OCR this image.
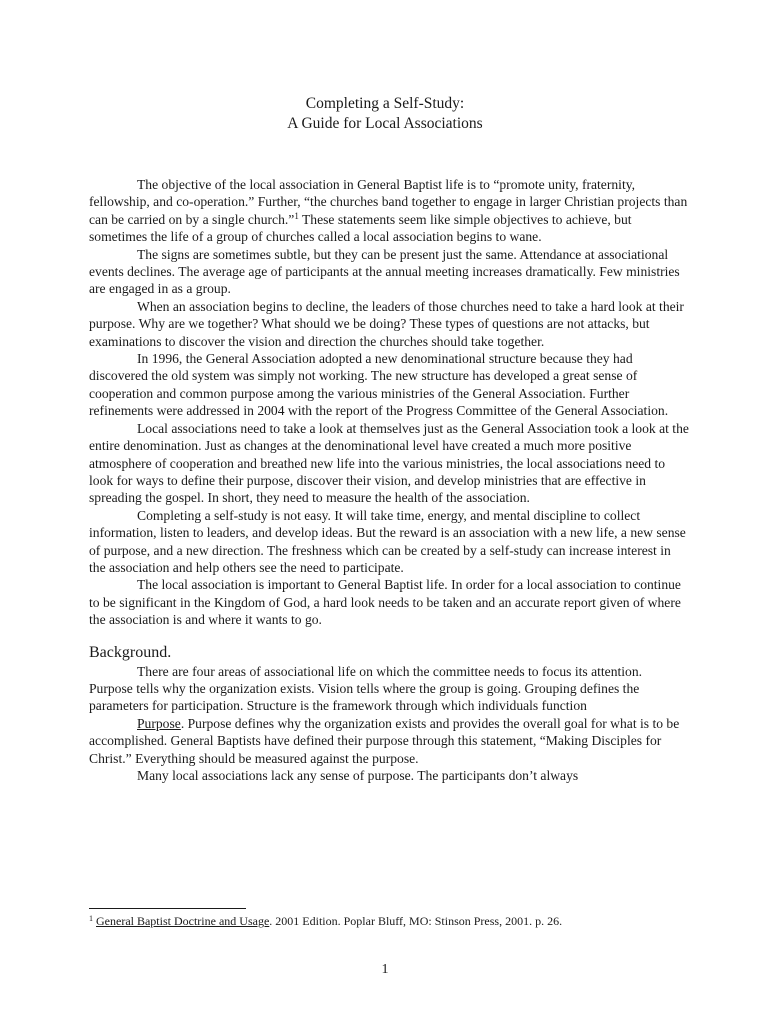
Completing a Self-Study:
A Guide for Local Associations

The objective of the local association in General Baptist life is to “promote unity, fraternity, fellowship, and co-operation.” Further, “the churches band together to engage in larger Christian projects than can be carried on by a single church.”$^1$ These statements seem like simple objectives to achieve, but sometimes the life of a group of churches called a local association begins to wane.

The signs are sometimes subtle, but they can be present just the same. Attendance at associational events declines. The average age of participants at the annual meeting increases dramatically. Few ministries are engaged in as a group.

When an association begins to decline, the leaders of those churches need to take a hard look at their purpose. Why are we together? What should we be doing? These types of questions are not attacks, but examinations to discover the vision and direction the churches should take together.

In 1996, the General Association adopted a new denominational structure because they had discovered the old system was simply not working. The new structure has developed a great sense of cooperation and common purpose among the various ministries of the General Association. Further refinements were addressed in 2004 with the report of the Progress Committee of the General Association.

Local associations need to take a look at themselves just as the General Association took a look at the entire denomination. Just as changes at the denominational level have created a much more positive atmosphere of cooperation and breathed new life into the various ministries, the local associations need to look for ways to define their purpose, discover their vision, and develop ministries that are effective in spreading the gospel. In short, they need to measure the health of the association.

Completing a self-study is not easy. It will take time, energy, and mental discipline to collect information, listen to leaders, and develop ideas. But the reward is an association with a new life, a new sense of purpose, and a new direction. The freshness which can be created by a self-study can increase interest in the association and help others see the need to participate.

The local association is important to General Baptist life. In order for a local association to continue to be significant in the Kingdom of God, a hard look needs to be taken and an accurate report given of where the association is and where it wants to go.

Background.

There are four areas of associational life on which the committee needs to focus its attention. Purpose tells why the organization exists. Vision tells where the group is going. Grouping defines the parameters for participation. Structure is the framework through which individuals function

Purpose. Purpose defines why the organization exists and provides the overall goal for what is to be accomplished. General Baptists have defined their purpose through this statement, “Making Disciples for Christ.” Everything should be measured against the purpose.

Many local associations lack any sense of purpose. The participants don’t always

$^1$ General Baptist Doctrine and Usage. 2001 Edition. Poplar Bluff, MO: Stinson Press, 2001. p. 26.
1
